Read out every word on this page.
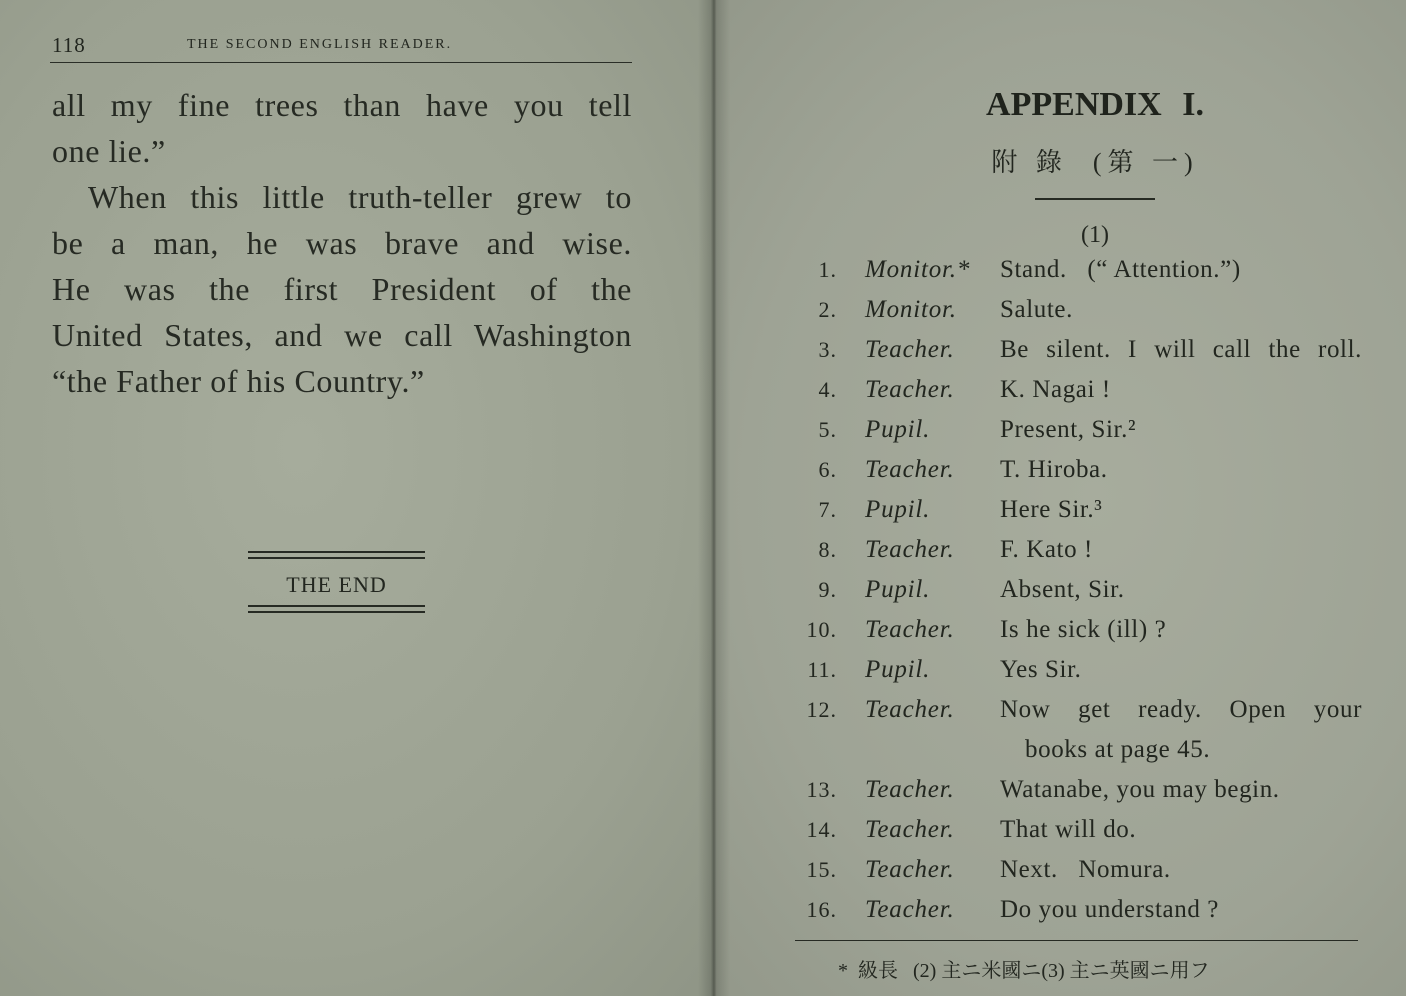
118	THE SECOND ENGLISH READER.
all my fine trees than have you tell
one lie.”
When this little truth-teller grew to
be a man, he was brave and wise.
He was the first President of the
United States, and we call Washington
“the Father of his Country.”
THE END
APPENDIX I.
附 錄  (第 一)
(1)
1. Monitor.*	Stand.   (“ Attention.”)
2. Monitor.	Salute.
3. Teacher.	Be silent. I will call the roll.
4. Teacher.	K. Nagai !
5. Pupil.	Present, Sir.²
6. Teacher.	T. Hiroba.
7. Pupil.	Here Sir.³
8. Teacher.	F. Kato !
9. Pupil.	Absent, Sir.
10. Teacher.	Is he sick (ill) ?
11. Pupil.	Yes Sir.
12. Teacher.	Now get ready. Open your
books at page 45.
13. Teacher.	Watanabe, you may begin.
14. Teacher.	That will do.
15. Teacher.	Next.   Nomura.
16. Teacher.	Do you understand ?
*  級長   (2) 主ニ米國ニ(3) 主ニ英國ニ用フ
